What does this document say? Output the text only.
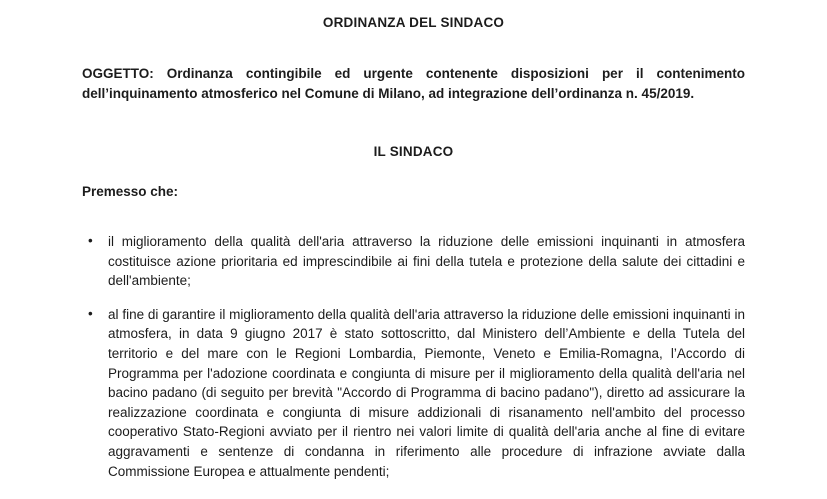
ORDINANZA DEL SINDACO

OGGETTO: Ordinanza contingibile ed urgente contenente disposizioni per il contenimento dell’inquinamento atmosferico nel Comune di Milano, ad integrazione dell’ordinanza n. 45/2019.

IL SINDACO

Premesso che:

• il miglioramento della qualità dell'aria attraverso la riduzione delle emissioni inquinanti in atmosfera costituisce azione prioritaria ed imprescindibile ai fini della tutela e protezione della salute dei cittadini e dell'ambiente;
• al fine di garantire il miglioramento della qualità dell'aria attraverso la riduzione delle emissioni inquinanti in atmosfera, in data 9 giugno 2017 è stato sottoscritto, dal Ministero dell’Ambiente e della Tutela del territorio e del mare con le Regioni Lombardia, Piemonte, Veneto e Emilia-Romagna, l’Accordo di Programma per l'adozione coordinata e congiunta di misure per il miglioramento della qualità dell'aria nel bacino padano (di seguito per brevità "Accordo di Programma di bacino padano"), diretto ad assicurare la realizzazione coordinata e congiunta di misure addizionali di risanamento nell'ambito del processo cooperativo Stato-Regioni avviato per il rientro nei valori limite di qualità dell'aria anche al fine di evitare aggravamenti e sentenze di condanna in riferimento alle procedure di infrazione avviate dalla Commissione Europea e attualmente pendenti;
